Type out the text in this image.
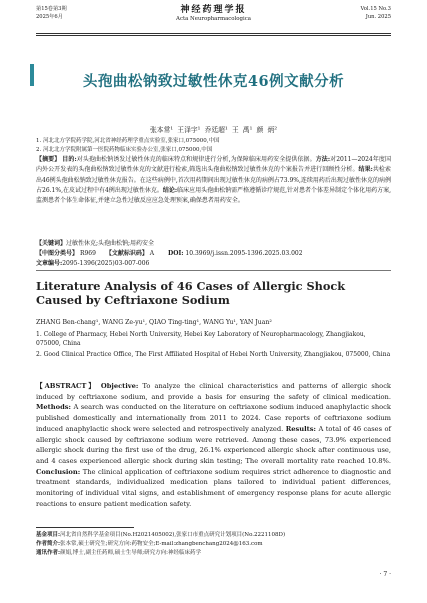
第15卷第3期
2025年6月
神经药理学报
Acta Neuropharmacologica
Vol.15 No.3
Jun. 2025
头孢曲松钠致过敏性休克46例文献分析
张本常¹ 王泽宇¹ 乔廷超¹ 王 禹¹ 颜 炳²
1. 河北北方学院药学院,河北省神经药理学重点实验室,张家口,075000,中国
2. 河北北方学院附属第一医院药物临床实验办公室,张家口,075000,中国
【摘要】 目的:对头孢曲松钠诱发过敏性休克的临床特点和规律进行分析,为保障临床用药安全提供依据。方法:对2011—2024年度国内外公开发表的头孢曲松钠致过敏性休克的文献进行检索,筛选出头孢曲松钠致过敏性休克的个案报告并进行回顾性分析。结果:共检索出46例头孢曲松钠致过敏性休克报告。在这些病例中,首次用药期间出现过敏性休克的病例占73.9%,连续用药后出现过敏性休克的病例占26.1%,在皮试过程中有4例出现过敏性休克。结论:临床应用头孢曲松钠需严格遵循诊疗规范,针对患者个体差异制定个体化用药方案,监测患者个体生命体征,并建立急性过敏反应应急处理预案,确保患者用药安全。
【关键词】过敏性休克;头孢曲松钠;用药安全
【中图分类号】 R969 【文献标识码】 A DOI: 10.3969/j.issn.2095-1396.2025.03.002
文章编号:2095-1396(2025)03-007-006
Literature Analysis of 46 Cases of Allergic Shock Caused by Ceftriaxone Sodium
ZHANG Ben-chang¹, WANG Ze-yu¹, QIAO Ting-ting¹, WANG Yu¹, YAN Juan²
1. College of Pharmacy, Hebei North University, Hebei Key Laboratory of Neuropharmacology, Zhangjiakou, 075000, China
2. Good Clinical Practice Office, The First Affiliated Hospital of Hebei North University, Zhangjiakou, 075000, China
【ABSTRACT】 Objective: To analyze the clinical characteristics and patterns of allergic shock induced by ceftriaxone sodium, and provide a basis for ensuring the safety of clinical medication. Methods: A search was conducted on the literature on ceftriaxone sodium induced anaphylactic shock published domestically and internationally from 2011 to 2024. Case reports of ceftriaxone sodium induced anaphylactic shock were selected and retrospectively analyzed. Results: A total of 46 cases of allergic shock caused by ceftriaxone sodium were retrieved. Among these cases, 73.9% experienced allergic shock during the first use of the drug, 26.1% experienced allergic shock after continuous use, and 4 cases experienced allergic shock during skin testing; The overall mortality rate reached 10.8%. Conclusion: The clinical application of ceftriaxone sodium requires strict adherence to diagnostic and treatment standards, individualized medication plans tailored to individual patient differences, monitoring of individual vital signs, and establishment of emergency response plans for acute allergic reactions to ensure patient medication safety.
基金项目:河北省自然科学基金项目(No.H2021405002),张家口市重点研究计划项目(No.2221108D)
作者简介:张本常,硕士研究生;研究方向:药物安全;E-mail:zhangbenchang2024@163.com
通讯作者:颜娟,博士,副主任药师,硕士生导师;研究方向:神经临床药学
· 7 ·
